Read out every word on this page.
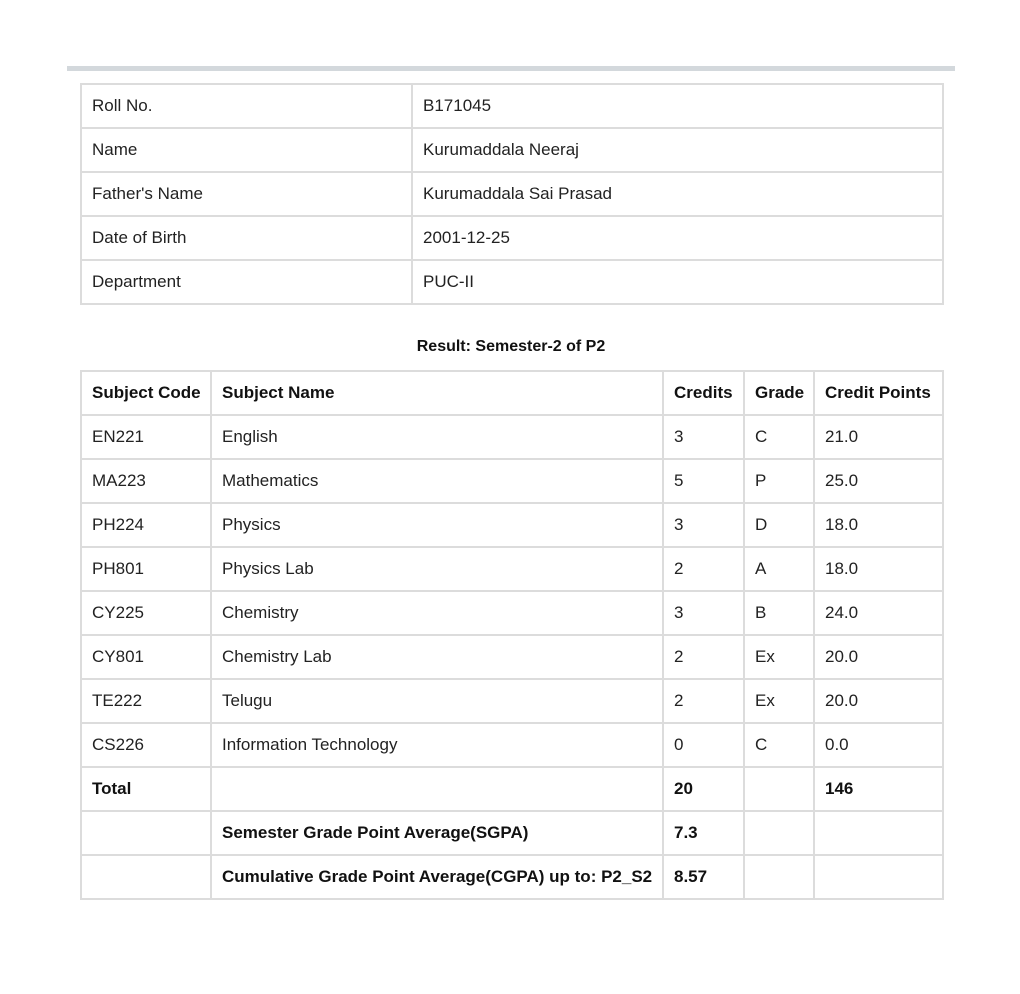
Roll No.	B171045
Name	Kurumaddala Neeraj
Father's Name	Kurumaddala Sai Prasad
Date of Birth	2001-12-25
Department	PUC-II
Result: Semester-2 of P2
Subject Code	Subject Name	Credits	Grade	Credit Points
EN221	English	3	C	21.0
MA223	Mathematics	5	P	25.0
PH224	Physics	3	D	18.0
PH801	Physics Lab	2	A	18.0
CY225	Chemistry	3	B	24.0
CY801	Chemistry Lab	2	Ex	20.0
TE222	Telugu	2	Ex	20.0
CS226	Information Technology	0	C	0.0
Total		20		146
	Semester Grade Point Average(SGPA)	7.3		
	Cumulative Grade Point Average(CGPA) up to: P2_S2	8.57		
